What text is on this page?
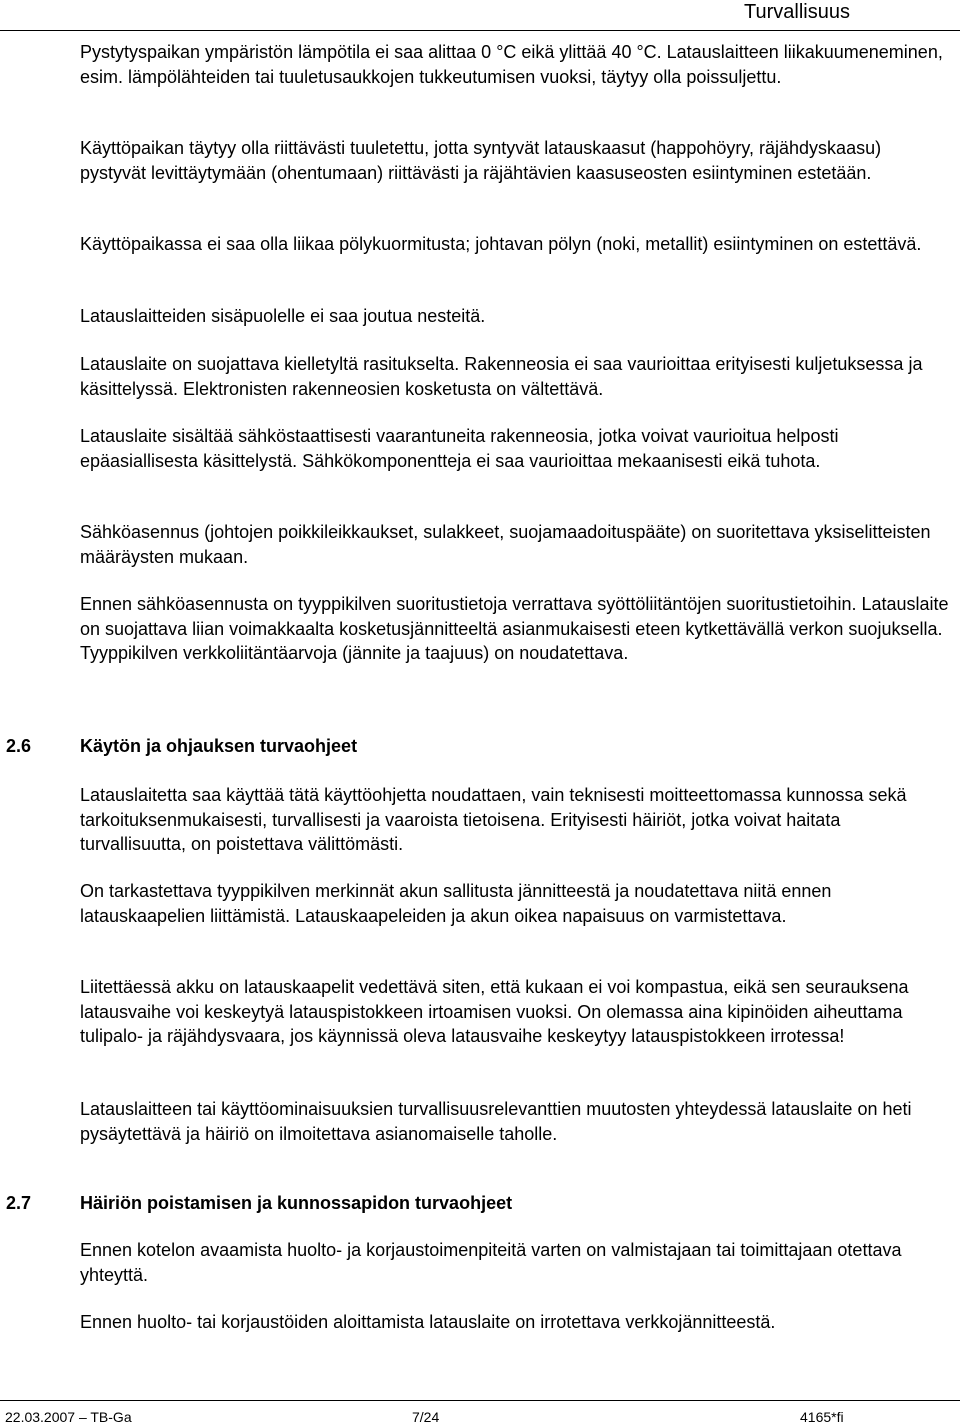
Turvallisuus

Pystytyspaikan ympäristön lämpötila ei saa alittaa 0 °C eikä ylittää 40 °C. Latauslaitteen liikakuumeneminen, esim. lämpölähteiden tai tuuletusaukkojen tukkeutumisen vuoksi, täytyy olla poissuljettu.

Käyttöpaikan täytyy olla riittävästi tuuletettu, jotta syntyvät latauskaasut (happohöyry, räjähdyskaasu) pystyvät levittäytymään (ohentumaan) riittävästi ja räjähtävien kaasuseosten esiintyminen estetään.

Käyttöpaikassa ei saa olla liikaa pölykuormitusta; johtavan pölyn (noki, metallit) esiintyminen on estettävä.

Latauslaitteiden sisäpuolelle ei saa joutua nesteitä.

Latauslaite on suojattava kielletyltä rasitukselta. Rakenneosia ei saa vaurioittaa erityisesti kuljetuksessa ja käsittelyssä. Elektronisten rakenneosien kosketusta on vältettävä.

Latauslaite sisältää sähköstaattisesti vaarantuneita rakenneosia, jotka voivat vaurioitua helposti epäasiallisesta käsittelystä. Sähkökomponentteja ei saa vaurioittaa mekaanisesti eikä tuhota.

Sähköasennus (johtojen poikkileikkaukset, sulakkeet, suojamaadoituspääte) on suoritettava yksiselitteisten määräysten mukaan.

Ennen sähköasennusta on tyyppikilven suoritustietoja verrattava syöttöliitäntöjen suoritustietoihin. Latauslaite on suojattava liian voimakkaalta kosketusjännitteeltä asianmukaisesti eteen kytkettävällä verkon suojuksella. Tyyppikilven verkkoliitäntäarvoja (jännite ja taajuus) on noudatettava.

2.6	Käytön ja ohjauksen turvaohjeet

Latauslaitetta saa käyttää tätä käyttöohjetta noudattaen, vain teknisesti moitteettomassa kunnossa sekä tarkoituksenmukaisesti, turvallisesti ja vaaroista tietoisena. Erityisesti häiriöt, jotka voivat haitata turvallisuutta, on poistettava välittömästi.

On tarkastettava tyyppikilven merkinnät akun sallitusta jännitteestä ja noudatettava niitä ennen latauskaapelien liittämistä. Latauskaapeleiden ja akun oikea napaisuus on varmistettava.

Liitettäessä akku on latauskaapelit vedettävä siten, että kukaan ei voi kompastua, eikä sen seurauksena latausvaihe voi keskeytyä latauspistokkeen irtoamisen vuoksi. On olemassa aina kipinöiden aiheuttama tulipalo- ja räjähdysvaara, jos käynnissä oleva latausvaihe keskeytyy latauspistokkeen irrotessa!

Latauslaitteen tai käyttöominaisuuksien turvallisuusrelevanttien muutosten yhteydessä latauslaite on heti pysäytettävä ja häiriö on ilmoitettava asianomaiselle taholle.

2.7	Häiriön poistamisen ja kunnossapidon turvaohjeet

Ennen kotelon avaamista huolto- ja korjaustoimenpiteitä varten on valmistajaan tai toimittajaan otettava yhteyttä.

Ennen huolto- tai korjaustöiden aloittamista latauslaite on irrotettava verkkojännitteestä.

22.03.2007 – TB-Ga	7/24	4165*fi
